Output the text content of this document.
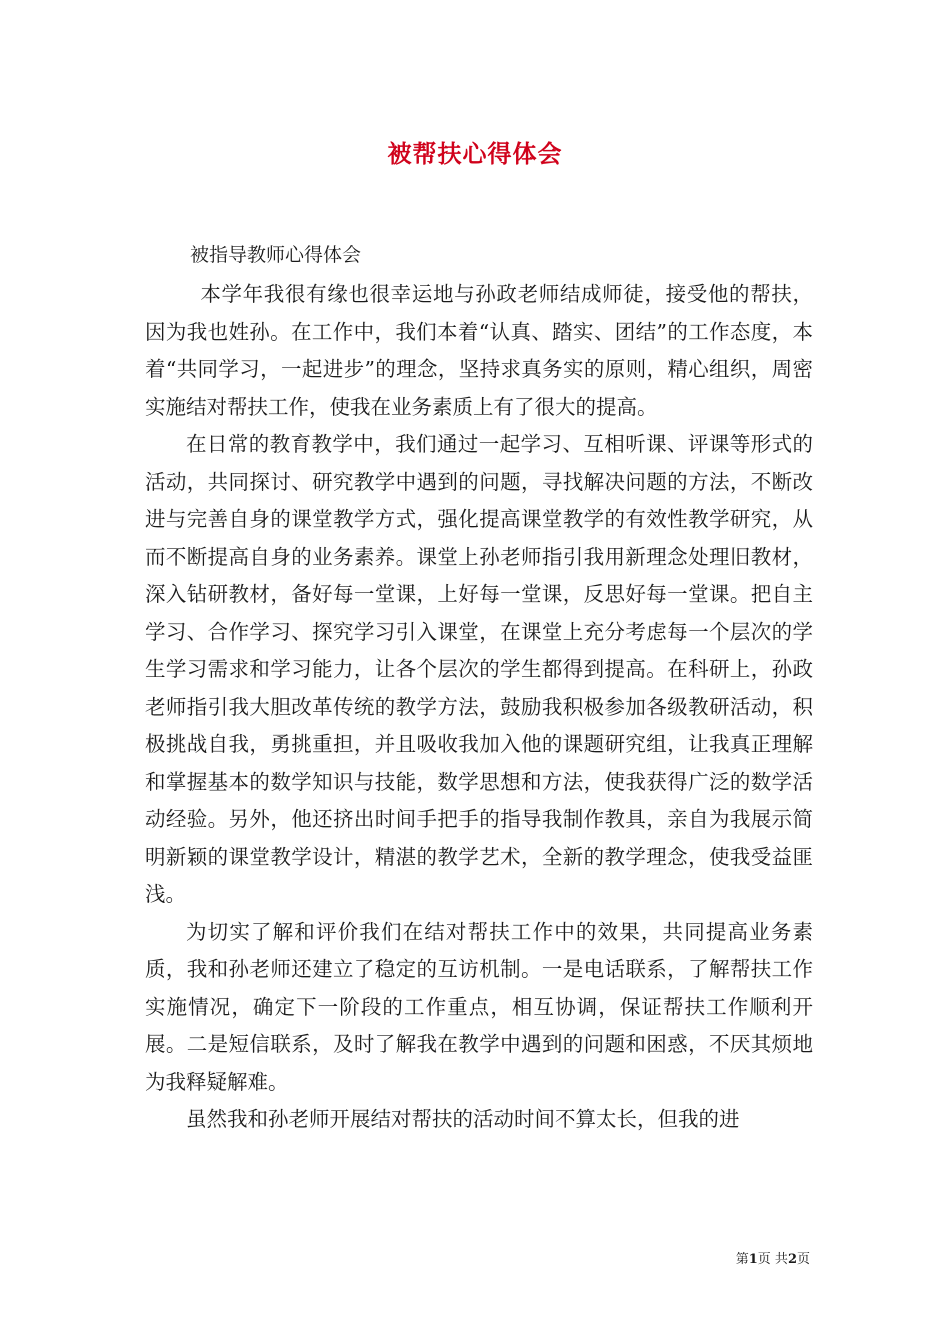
被帮扶心得体会
被指导教师心得体会

本学年我很有缘也很幸运地与孙政老师结成师徒，接受他的帮扶，因为我也姓孙。在工作中，我们本着“认真、踏实、团结”的工作态度，本着“共同学习，一起进步”的理念，坚持求真务实的原则，精心组织，周密实施结对帮扶工作，使我在业务素质上有了很大的提高。

在日常的教育教学中，我们通过一起学习、互相听课、评课等形式的活动，共同探讨、研究教学中遇到的问题，寻找解决问题的方法，不断改进与完善自身的课堂教学方式，强化提高课堂教学的有效性教学研究，从而不断提高自身的业务素养。课堂上孙老师指引我用新理念处理旧教材，深入钻研教材，备好每一堂课，上好每一堂课，反思好每一堂课。把自主学习、合作学习、探究学习引入课堂，在课堂上充分考虑每一个层次的学生学习需求和学习能力，让各个层次的学生都得到提高。在科研上，孙政老师指引我大胆改革传统的教学方法，鼓励我积极参加各级教研活动，积极挑战自我，勇挑重担，并且吸收我加入他的课题研究组，让我真正理解和掌握基本的数学知识与技能，数学思想和方法，使我获得广泛的数学活动经验。另外，他还挤出时间手把手的指导我制作教具，亲自为我展示简明新颖的课堂教学设计，精湛的教学艺术，全新的教学理念，使我受益匪浅。

为切实了解和评价我们在结对帮扶工作中的效果，共同提高业务素质，我和孙老师还建立了稳定的互访机制。一是电话联系，了解帮扶工作实施情况，确定下一阶段的工作重点，相互协调，保证帮扶工作顺利开展。二是短信联系，及时了解我在教学中遇到的问题和困惑，不厌其烦地为我释疑解难。

虽然我和孙老师开展结对帮扶的活动时间不算太长，但我的进

第1页 共2页
